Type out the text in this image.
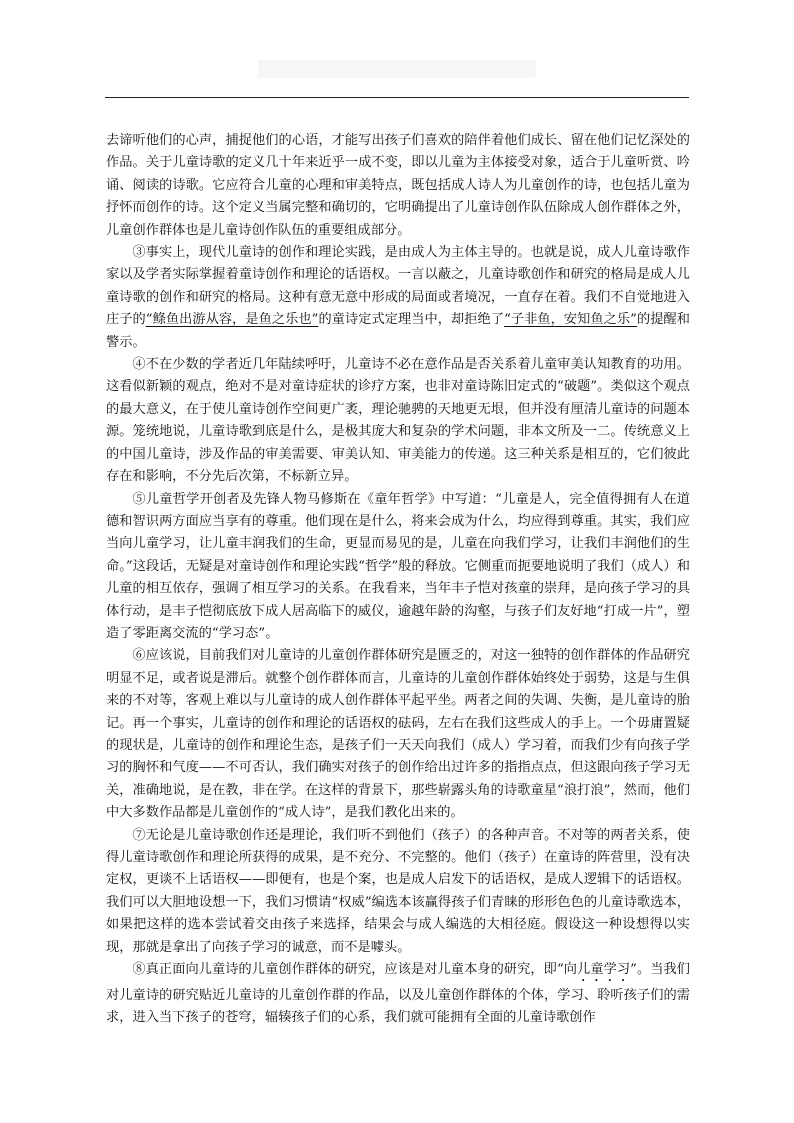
去谛听他们的心声，捕捉他们的心语，才能写出孩子们喜欢的陪伴着他们成长、留在他们记忆深处的作品。关于儿童诗歌的定义几十年来近乎一成不变，即以儿童为主体接受对象，适合于儿童听赏、吟诵、阅读的诗歌。它应符合儿童的心理和审美特点，既包括成人诗人为儿童创作的诗，也包括儿童为抒怀而创作的诗。这个定义当属完整和确切的，它明确提出了儿童诗创作队伍除成人创作群体之外，儿童创作群体也是儿童诗创作队伍的重要组成部分。

③事实上，现代儿童诗的创作和理论实践，是由成人为主体主导的。也就是说，成人儿童诗歌作家以及学者实际掌握着童诗创作和理论的话语权。一言以蔽之，儿童诗歌创作和研究的格局是成人儿童诗歌的创作和研究的格局。这种有意无意中形成的局面或者境况，一直存在着。我们不自觉地进入庄子的“鲦鱼出游从容，是鱼之乐也”的童诗定式定理当中，却拒绝了“子非鱼，安知鱼之乐”的提醒和警示。

④不在少数的学者近几年陆续呼吁，儿童诗不必在意作品是否关系着儿童审美认知教育的功用。这看似新颖的观点，绝对不是对童诗症状的诊疗方案，也非对童诗陈旧定式的“破题”。类似这个观点的最大意义，在于使儿童诗创作空间更广袤，理论驰骋的天地更无垠，但并没有厘清儿童诗的问题本源。笼统地说，儿童诗歌到底是什么，是极其庞大和复杂的学术问题，非本文所及一二。传统意义上的中国儿童诗，涉及作品的审美需要、审美认知、审美能力的传递。这三种关系是相互的，它们彼此存在和影响，不分先后次第，不标新立异。

⑤儿童哲学开创者及先锋人物马修斯在《童年哲学》中写道：“儿童是人，完全值得拥有人在道德和智识两方面应当享有的尊重。他们现在是什么，将来会成为什么，均应得到尊重。其实，我们应当向儿童学习，让儿童丰润我们的生命，更显而易见的是，儿童在向我们学习，让我们丰润他们的生命。”这段话，无疑是对童诗创作和理论实践“哲学”般的释放。它侧重而扼要地说明了我们（成人）和儿童的相互依存，强调了相互学习的关系。在我看来，当年丰子恺对孩童的崇拜，是向孩子学习的具体行动，是丰子恺彻底放下成人居高临下的威仪，逾越年龄的沟壑，与孩子们友好地“打成一片”，塑造了零距离交流的“学习态”。

⑥应该说，目前我们对儿童诗的儿童创作群体研究是匮乏的，对这一独特的创作群体的作品研究明显不足，或者说是滞后。就整个创作群体而言，儿童诗的儿童创作群体始终处于弱势，这是与生俱来的不对等，客观上难以与儿童诗的成人创作群体平起平坐。两者之间的失调、失衡，是儿童诗的胎记。再一个事实，儿童诗的创作和理论的话语权的砝码，左右在我们这些成人的手上。一个毋庸置疑的现状是，儿童诗的创作和理论生态，是孩子们一天天向我们（成人）学习着，而我们少有向孩子学习的胸怀和气度——不可否认，我们确实对孩子的创作给出过许多的指指点点，但这跟向孩子学习无关，准确地说，是在教，非在学。在这样的背景下，那些崭露头角的诗歌童星“浪打浪”，然而，他们中大多数作品都是儿童创作的“成人诗”，是我们教化出来的。

⑦无论是儿童诗歌创作还是理论，我们听不到他们（孩子）的各种声音。不对等的两者关系，使得儿童诗歌创作和理论所获得的成果，是不充分、不完整的。他们（孩子）在童诗的阵营里，没有决定权，更谈不上话语权——即便有，也是个案，也是成人启发下的话语权，是成人逻辑下的话语权。我们可以大胆地设想一下，我们习惯请“权威”编选本该赢得孩子们青睐的形形色色的儿童诗歌选本，如果把这样的选本尝试着交由孩子来选择，结果会与成人编选的大相径庭。假设这一种设想得以实现，那就是拿出了向孩子学习的诚意，而不是噱头。

⑧真正面向儿童诗的儿童创作群体的研究，应该是对儿童本身的研究，即“向儿童学习”。当我们对儿童诗的研究贴近儿童诗的儿童创作群的作品，以及儿童创作群体的个体，学习、聆听孩子们的需求，进入当下孩子的苍穹，辐辏孩子们的心系，我们就可能拥有全面的儿童诗歌创作
